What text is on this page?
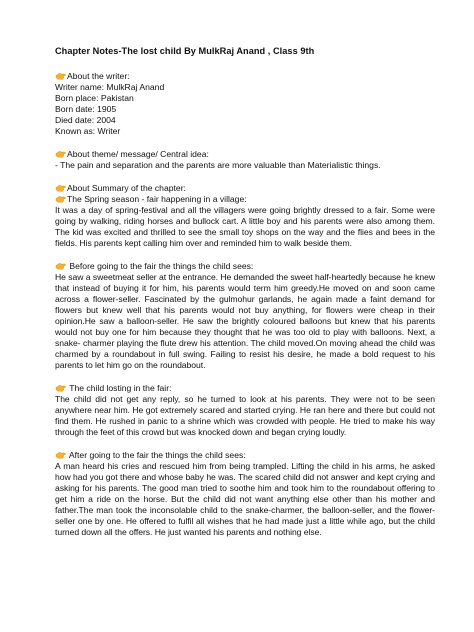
Chapter Notes-The lost child By MulkRaj Anand , Class 9th
About the writer:
Writer name: MulkRaj Anand
Born place: Pakistan
Born date: 1905
Died date: 2004
Known as: Writer
About theme/ message/ Central idea:
- The pain and separation and the parents are more valuable than Materialistic things.
About Summary of the chapter:
The Spring season - fair happening in a village:
It was a day of spring-festival and all the villagers were going brightly dressed to a fair. Some were going by walking, riding horses and bullock cart. A little boy and his parents were also among them. The kid was excited and thrilled to see the small toy shops on the way and the flies and bees in the fields. His parents kept calling him over and reminded him to walk beside them.
Before going to the fair the things the child sees:
He saw a sweetmeat seller at the entrance. He demanded the sweet half-heartedly because he knew that instead of buying it for him, his parents would term him greedy.He moved on and soon came across a flower-seller. Fascinated by the gulmohur garlands, he again made a faint demand for flowers but knew well that his parents would not buy anything, for flowers were cheap in their opinion.He saw a balloon-seller. He saw the brightly coloured balloons but knew that his parents would not buy one for him because they thought that he was too old to play with balloons. Next, a snake- charmer playing the flute drew his attention. The child moved.On moving ahead the child was charmed by a roundabout in full swing. Failing to resist his desire, he made a bold request to his parents to let him go on the roundabout.
The child losting in the fair:
The child did not get any reply, so he turned to look at his parents. They were not to be seen anywhere near him. He got extremely scared and started crying. He ran here and there but could not find them. He rushed in panic to a shrine which was crowded with people. He tried to make his way through the feet of this crowd but was knocked down and began crying loudly.
After going to the fair the things the child sees:
A man heard his cries and rescued him from being trampled. Lifting the child in his arms, he asked how had you got there and whose baby he was. The scared child did not answer and kept crying and asking for his parents. The good man tried to soothe him and took him to the roundabout offering to get him a ride on the horse. But the child did not want anything else other than his mother and father.The man took the inconsolable child to the snake-charmer, the balloon-seller, and the flower-seller one by one. He offered to fulfil all wishes that he had made just a little while ago, but the child turned down all the offers. He just wanted his parents and nothing else.
